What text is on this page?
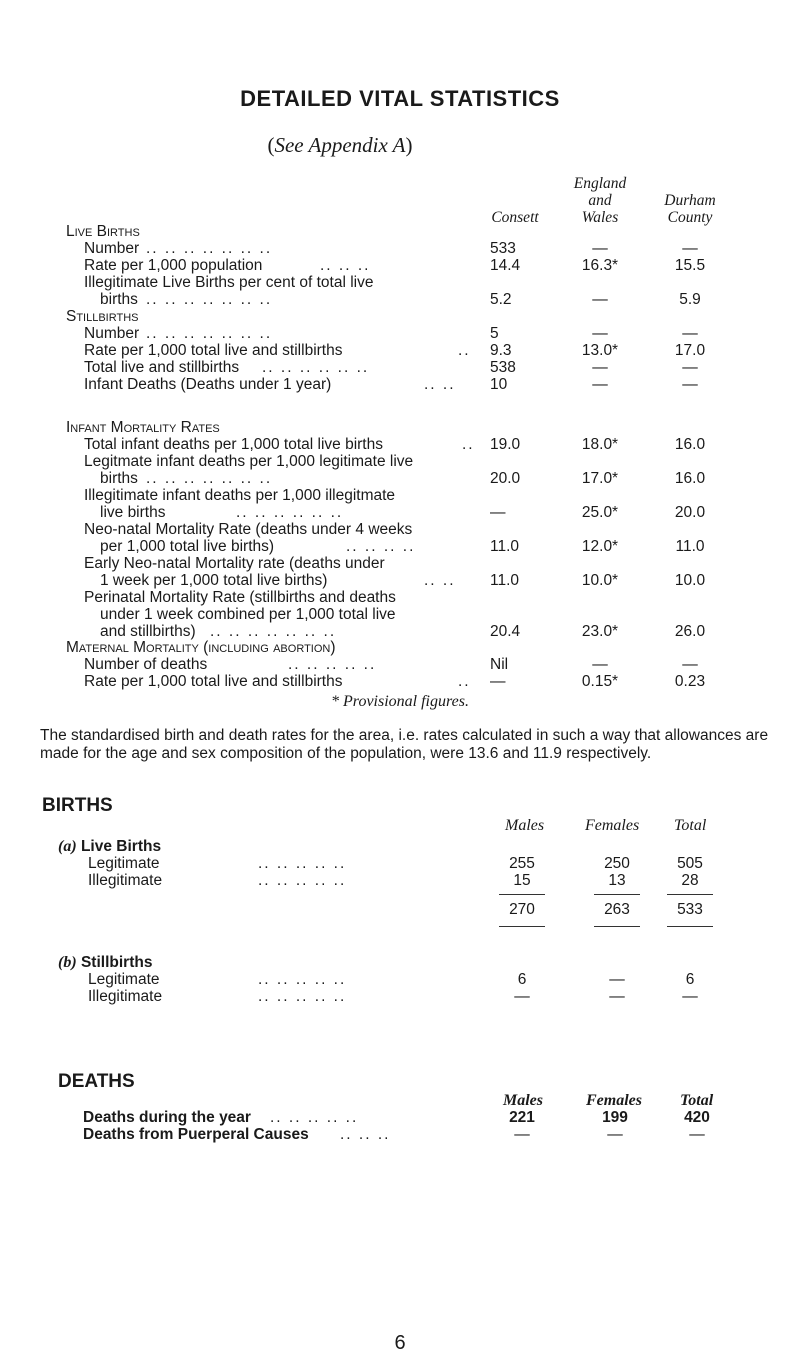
DETAILED VITAL STATISTICS
(See Appendix A)
Consett
England
and
Wales
Durham
County
Live Births
Number .. .. .. .. .. .. ..	533	—	—
Rate per 1,000 population	.. .. ..	14.4	16.3*	15.5
Illegitimate Live Births per cent of total live
births .. .. .. .. .. .. ..	5.2	—	5.9
Stillbirths
Number .. .. .. .. .. .. ..	5	—	—
Rate per 1,000 total live and stillbirths	.. 9.3	13.0*	17.0
Total live and stillbirths .. .. .. .. .. ..	538	—	—
Infant Deaths (Deaths under 1 year)	.. .. 10	—	—
Infant Mortality Rates
Total infant deaths per 1,000 total live births	.. 19.0	18.0*	16.0
Legitmate infant deaths per 1,000 legitimate live
births .. .. .. .. .. .. ..	20.0	17.0*	16.0
Illegitimate infant deaths per 1,000 illegitmate
live births	.. .. .. .. .. ..	—	25.0*	20.0
Neo-natal Mortality Rate (deaths under 4 weeks
per 1,000 total live births)	.. .. .. ..	11.0	12.0*	11.0
Early Neo-natal Mortality rate (deaths under
1 week per 1,000 total live births)	.. .. 11.0	10.0*	10.0
Perinatal Mortality Rate (stillbirths and deaths
under 1 week combined per 1,000 total live
and stillbirths) .. .. .. .. .. .. ..	20.4	23.0*	26.0
Maternal Mortality (including abortion)
Number of deaths	.. .. .. .. ..	Nil	—	—
Rate per 1,000 total live and stillbirths	.. —	0.15*	0.23
* Provisional figures.
The standardised birth and death rates for the area, i.e. rates calculated in such a way that allowances are made for the age and sex composition of the population, were 13.6 and 11.9 respectively.
BIRTHS
Males	Females Total
(a) Live Births
Legitimate	.. .. .. .. ..	255	250	505
Illegitimate	.. .. .. .. ..	15	13	28
270	263	533
(b) Stillbirths
Legitimate	.. .. .. .. ..	6	—	6
Illegitimate	.. .. .. .. ..	—	—	—
DEATHS
Males	Females Total
Deaths during the year .. .. .. .. ..	221	199	420
Deaths from Puerperal Causes .. .. ..	—	—	—
6
